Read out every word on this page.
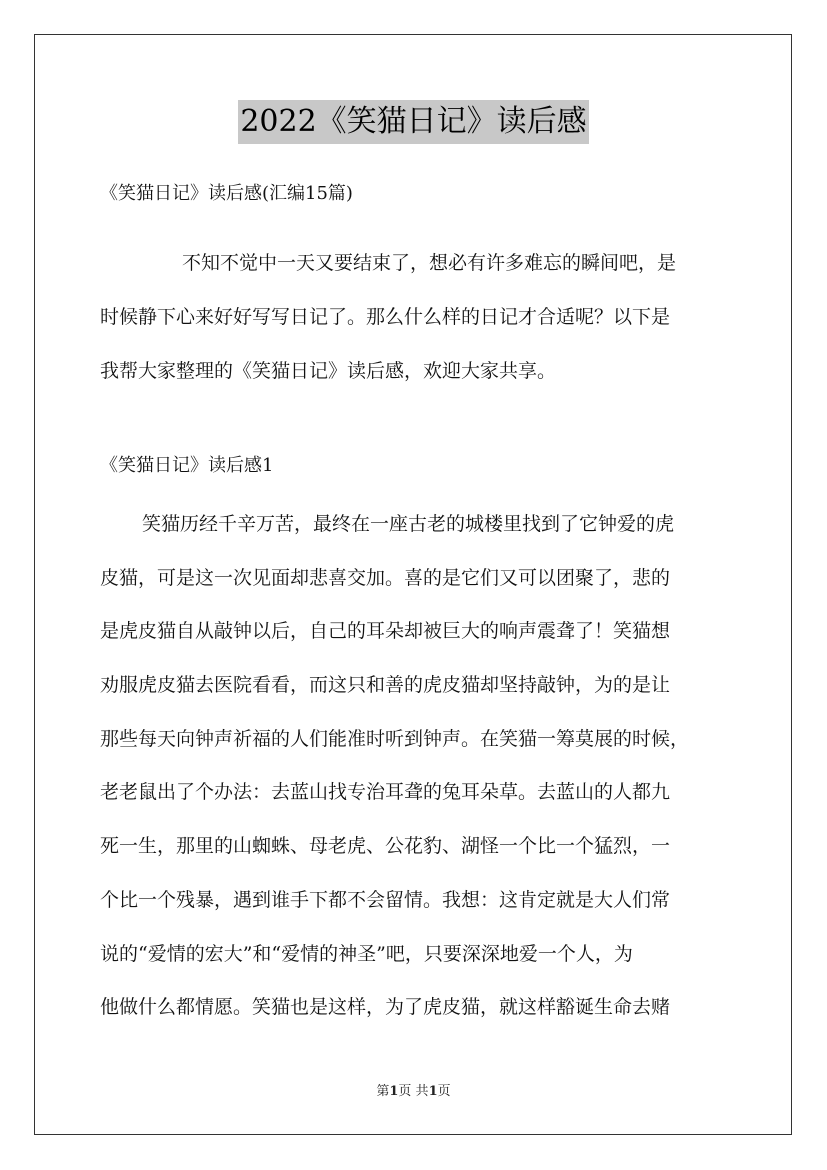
2022《笑猫日记》读后感
《笑猫日记》读后感(汇编15篇)
不知不觉中一天又要结束了，想必有许多难忘的瞬间吧，是
时候静下心来好好写写日记了。那么什么样的日记才合适呢？以下是
我帮大家整理的《笑猫日记》读后感，欢迎大家共享。
《笑猫日记》读后感1
笑猫历经千辛万苦，最终在一座古老的城楼里找到了它钟爱的虎
皮猫，可是这一次见面却悲喜交加。喜的是它们又可以团聚了，悲的
是虎皮猫自从敲钟以后，自己的耳朵却被巨大的响声震聋了！笑猫想
劝服虎皮猫去医院看看，而这只和善的虎皮猫却坚持敲钟，为的是让
那些每天向钟声祈福的人们能准时听到钟声。在笑猫一筹莫展的时候，
老老鼠出了个办法：去蓝山找专治耳聋的兔耳朵草。去蓝山的人都九
死一生，那里的山蜘蛛、母老虎、公花豹、湖怪一个比一个猛烈，一
个比一个残暴，遇到谁手下都不会留情。我想：这肯定就是大人们常
说的“爱情的宏大”和“爱情的神圣”吧，只要深深地爱一个人，为
他做什么都情愿。笑猫也是这样，为了虎皮猫，就这样豁诞生命去赌
第1页 共1页
